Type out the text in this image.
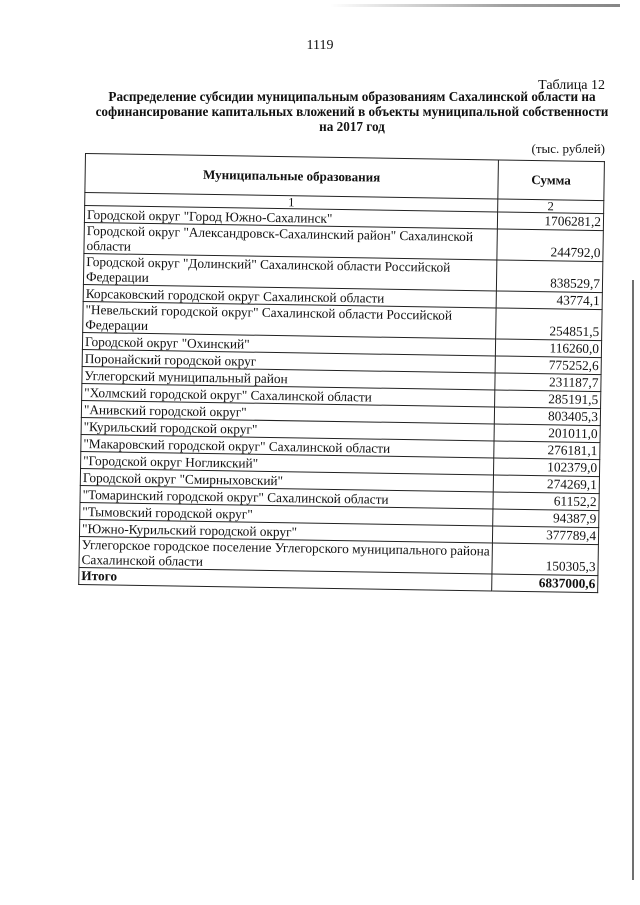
1119
Таблица 12
Распределение субсидии муниципальным образованиям Сахалинской области на софинансирование капитальных вложений в объекты муниципальной собственности на 2017 год
(тыс. рублей)
Муниципальные образования	Сумма
1	2
Городской округ "Город Южно-Сахалинск"	1706281,2
Городской округ "Александровск-Сахалинский район" Сахалинской области	244792,0
Городской округ "Долинский" Сахалинской области Российской Федерации	838529,7
Корсаковский городской округ Сахалинской области	43774,1
"Невельский городской округ" Сахалинской области Российской Федерации	254851,5
Городской округ "Охинский"	116260,0
Поронайский городской округ	775252,6
Углегорский муниципальный район	231187,7
"Холмский городской округ" Сахалинской области	285191,5
"Анивский городской округ"	803405,3
"Курильский городской округ"	201011,0
"Макаровский городской округ" Сахалинской области	276181,1
"Городской округ Ногликский"	102379,0
Городской округ "Смирныховский"	274269,1
"Томаринский городской округ" Сахалинской области	61152,2
"Тымовский городской округ"	94387,9
"Южно-Курильский городской округ"	377789,4
Углегорское городское поселение Углегорского муниципального района Сахалинской области	150305,3
Итого	6837000,6
